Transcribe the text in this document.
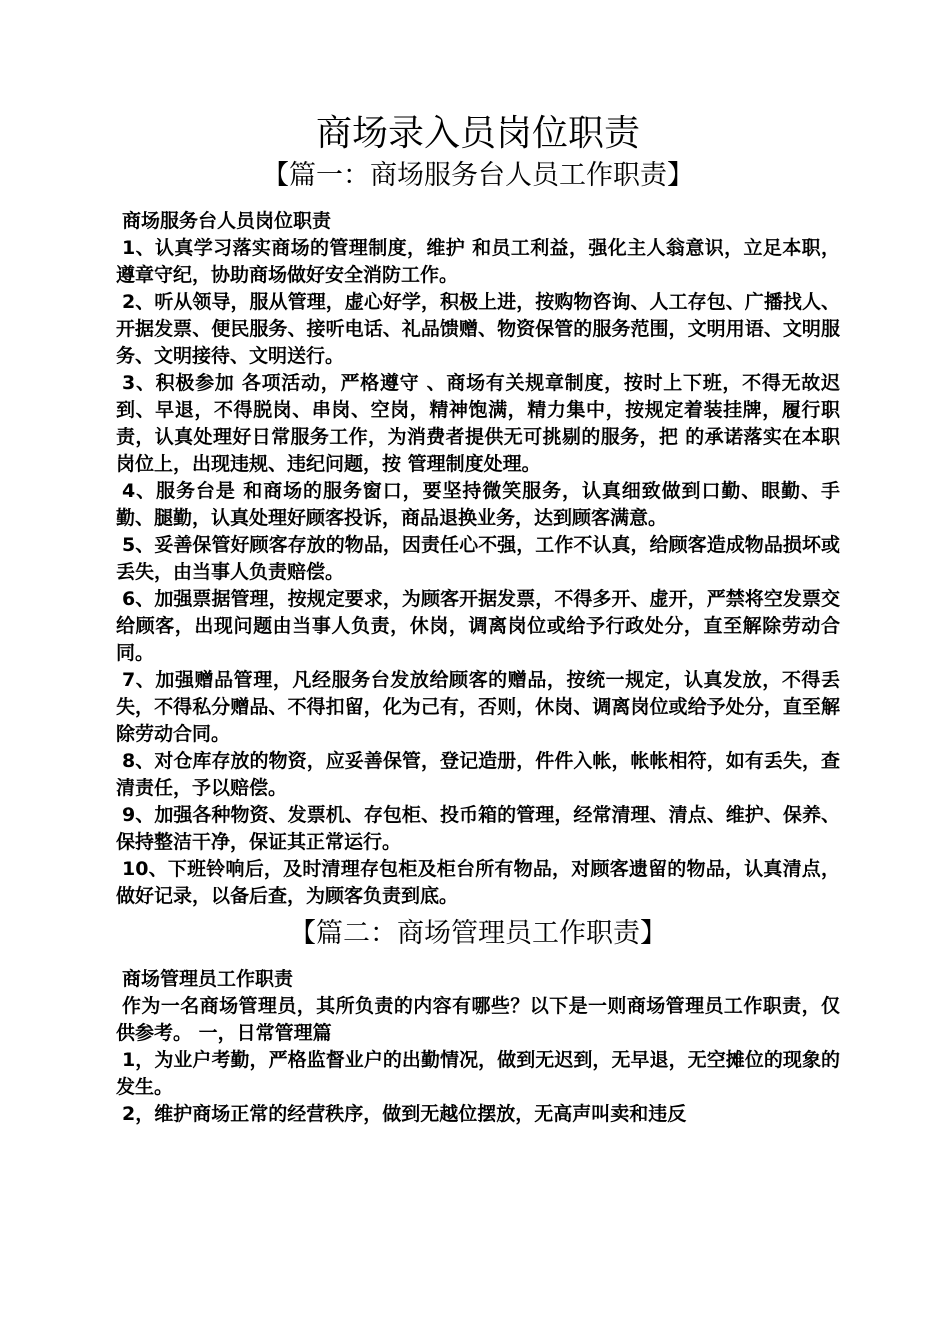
商场录入员岗位职责
【篇一：商场服务台人员工作职责】

商场服务台人员岗位职责

1、认真学习落实商场的管理制度，维护 和员工利益，强化主人翁意识，立足本职，遵章守纪，协助商场做好安全消防工作。

2、听从领导，服从管理，虚心好学，积极上进，按购物咨询、人工存包、广播找人、开据发票、便民服务、接听电话、礼品馈赠、物资保管的服务范围，文明用语、文明服务、文明接待、文明送行。

3、积极参加 各项活动，严格遵守 、商场有关规章制度，按时上下班，不得无故迟到、早退，不得脱岗、串岗、空岗，精神饱满，精力集中，按规定着装挂牌，履行职责，认真处理好日常服务工作，为消费者提供无可挑剔的服务，把 的承诺落实在本职岗位上，出现违规、违纪问题，按 管理制度处理。

4、服务台是 和商场的服务窗口，要坚持微笑服务，认真细致做到口勤、眼勤、手勤、腿勤，认真处理好顾客投诉，商品退换业务，达到顾客满意。

5、妥善保管好顾客存放的物品，因责任心不强，工作不认真，给顾客造成物品损坏或丢失，由当事人负责赔偿。

6、加强票据管理，按规定要求，为顾客开据发票，不得多开、虚开，严禁将空发票交给顾客，出现问题由当事人负责，休岗，调离岗位或给予行政处分，直至解除劳动合同。

7、加强赠品管理，凡经服务台发放给顾客的赠品，按统一规定，认真发放，不得丢失，不得私分赠品、不得扣留，化为己有，否则，休岗、调离岗位或给予处分，直至解除劳动合同。

8、对仓库存放的物资，应妥善保管，登记造册，件件入帐，帐帐相符，如有丢失，查清责任，予以赔偿。

9、加强各种物资、发票机、存包柜、投币箱的管理，经常清理、清点、维护、保养、保持整洁干净，保证其正常运行。

10、下班铃响后，及时清理存包柜及柜台所有物品，对顾客遗留的物品，认真清点，做好记录，以备后查，为顾客负责到底。

【篇二：商场管理员工作职责】

商场管理员工作职责

作为一名商场管理员，其所负责的内容有哪些？以下是一则商场管理员工作职责，仅供参考。 一，日常管理篇

1，为业户考勤，严格监督业户的出勤情况，做到无迟到，无早退，无空摊位的现象的发生。

2，维护商场正常的经营秩序，做到无越位摆放，无高声叫卖和违反
